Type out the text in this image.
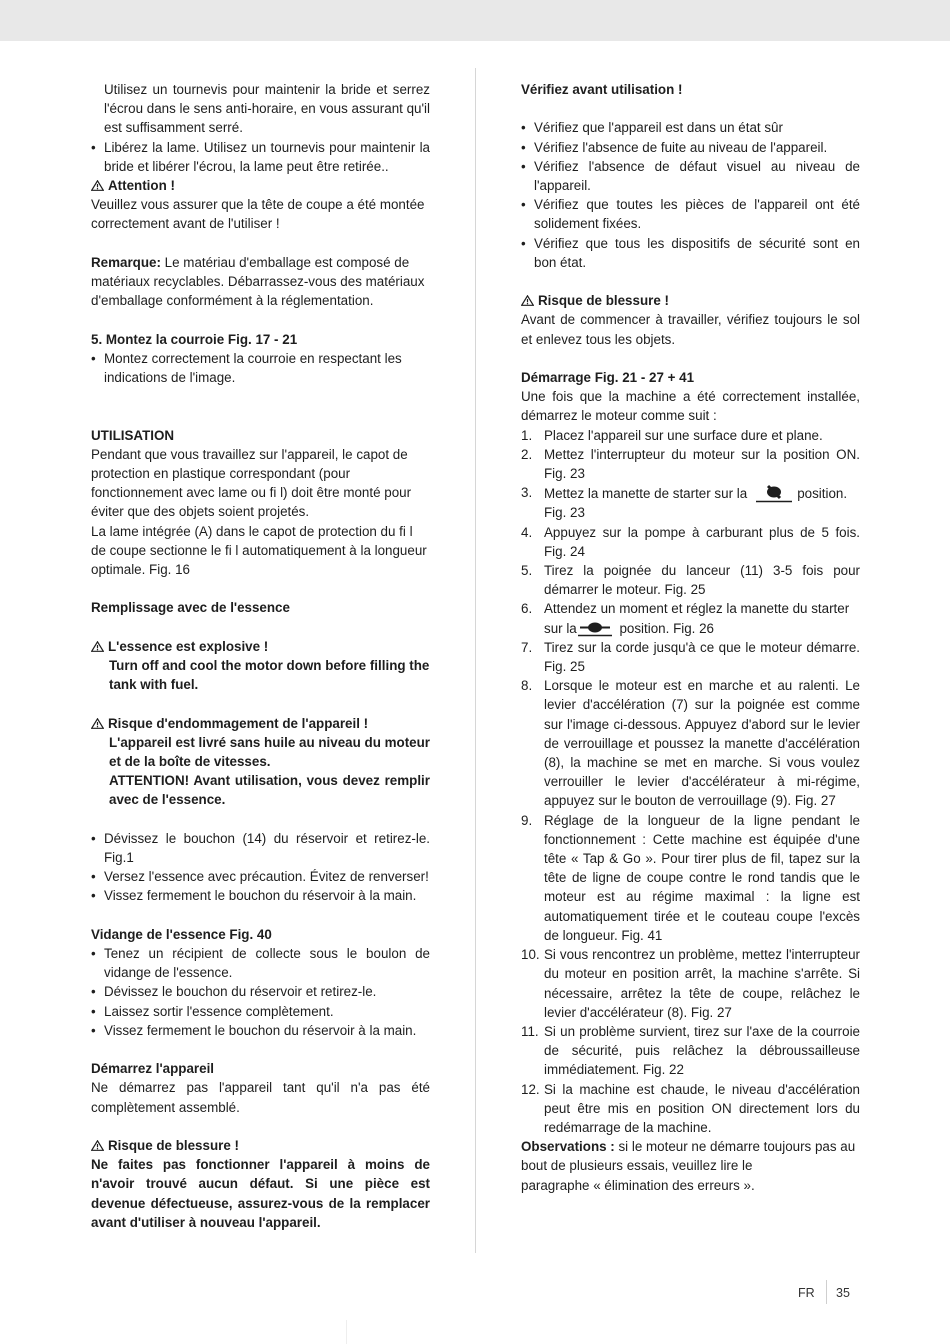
Utilisez un tournevis pour maintenir la bride et serrez l'écrou dans le sens anti-horaire, en vous assurant qu'il est suffisamment serré.

• Libérez la lame. Utilisez un tournevis pour maintenir la bride et libérer l'écrou, la lame peut être retirée..

Attention !

Veuillez vous assurer que la tête de coupe a été montée correctement avant de l'utiliser !

Remarque: Le matériau d'emballage est composé de matériaux recyclables. Débarrassez-vous des matériaux d'emballage conformément à la réglementation.

5. Montez la courroie Fig. 17 - 21

• Montez correctement la courroie en respectant les indications de l'image.

UTILISATION

Pendant que vous travaillez sur l'appareil, le capot de protection en plastique correspondant (pour fonctionnement avec lame ou fi l) doit être monté pour éviter que des objets soient projetés.

La lame intégrée (A) dans le capot de protection du fi l de coupe sectionne le fi l automatiquement à la longueur optimale. Fig. 16

Remplissage avec de l'essence

L'essence est explosive !

Turn off and cool the motor down before filling the tank with fuel.

Risque d'endommagement de l'appareil !

L'appareil est livré sans huile au niveau du moteur et de la boîte de vitesses.

ATTENTION! Avant utilisation, vous devez remplir avec de l'essence.

• Dévissez le bouchon (14) du réservoir et retirez-le. Fig.1
• Versez l'essence avec précaution. Évitez de renverser!
• Vissez fermement le bouchon du réservoir à la main.

Vidange de l'essence Fig. 40

• Tenez un récipient de collecte sous le boulon de vidange de l'essence.
• Dévissez le bouchon du réservoir et retirez-le.
• Laissez sortir l'essence complètement.
• Vissez fermement le bouchon du réservoir à la main.

Démarrez l'appareil

Ne démarrez pas l'appareil tant qu'il n'a pas été complètement assemblé.

Risque de blessure !

Ne faites pas fonctionner l'appareil à moins de n'avoir trouvé aucun défaut. Si une pièce est devenue défectueuse, assurez-vous de la remplacer avant d'utiliser à nouveau l'appareil.

Vérifiez avant utilisation !

• Vérifiez que l'appareil est dans un état sûr
• Vérifiez l'absence de fuite au niveau de l'appareil.
• Vérifiez l'absence de défaut visuel au niveau de l'appareil.
• Vérifiez que toutes les pièces de l'appareil ont été solidement fixées.
• Vérifiez que tous les dispositifs de sécurité sont en bon état.

Risque de blessure !

Avant de commencer à travailler, vérifiez toujours le sol et enlevez tous les objets.

Démarrage Fig. 21 - 27 + 41

Une fois que la machine a été correctement installée, démarrez le moteur comme suit :

1. Placez l'appareil sur une surface dure et plane.
2. Mettez l'interrupteur du moteur sur la position ON. Fig. 23
3. Mettez la manette de starter sur la	position.
Fig. 23
4. Appuyez sur la pompe à carburant plus de 5 fois. Fig. 24
5. Tirez la poignée du lanceur (11) 3-5 fois pour démarrer le moteur. Fig. 25
6. Attendez un moment et réglez la manette du starter
sur la	position. Fig. 26
7. Tirez sur la corde jusqu'à ce que le moteur démarre. Fig. 25
8. Lorsque le moteur est en marche et au ralenti. Le levier d'accélération (7) sur la poignée est comme sur l'image ci-dessous. Appuyez d'abord sur le levier de verrouillage et poussez la manette d'accélération (8), la machine se met en marche. Si vous voulez verrouiller le levier d'accélérateur à mi-régime, appuyez sur le bouton de verrouillage (9). Fig. 27
9. Réglage de la longueur de la ligne pendant le fonctionnement : Cette machine est équipée d'une tête « Tap & Go ». Pour tirer plus de fil, tapez sur la tête de ligne de coupe contre le rond tandis que le moteur est au régime maximal : la ligne est automatiquement tirée et le couteau coupe l'excès de longueur. Fig. 41
10. Si vous rencontrez un problème, mettez l'interrupteur du moteur en position arrêt, la machine s'arrête. Si nécessaire, arrêtez la tête de coupe, relâchez le levier d'accélérateur (8). Fig. 27
11. Si un problème survient, tirez sur l'axe de la courroie de sécurité, puis relâchez la débroussailleuse immédiatement. Fig. 22
12. Si la machine est chaude, le niveau d'accélération peut être mis en position ON directement lors du redémarrage de la machine.

Observations : si le moteur ne démarre toujours pas au bout de plusieurs essais, veuillez lire le
paragraphe « élimination des erreurs ».

FR 35
